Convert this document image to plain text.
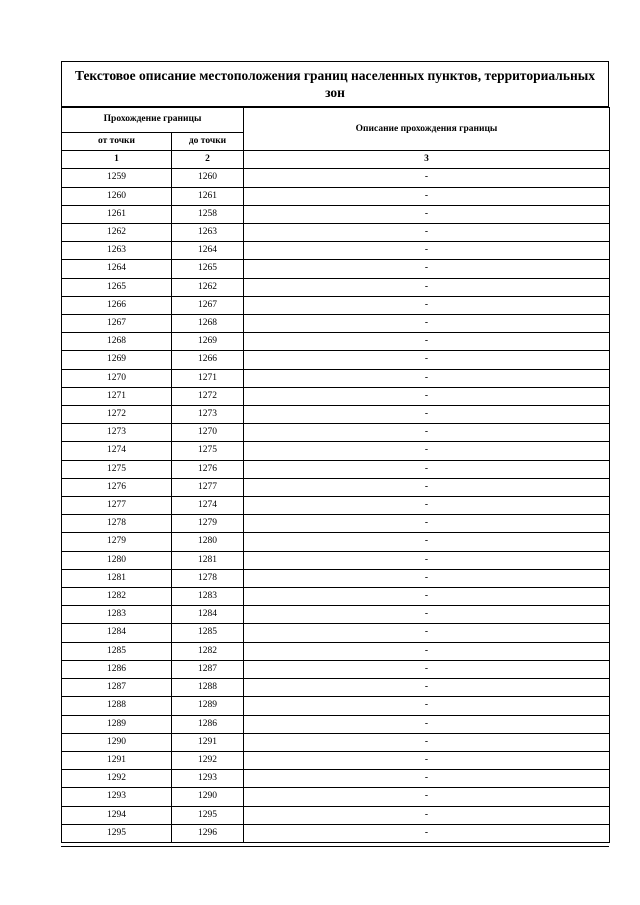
Текстовое описание местоположения границ населенных пунктов, территориальных зон
Прохождение границы		Описание прохождения границы
от точки	до точки	
1	2	3
1259	1260	-
1260	1261	-
1261	1258	-
1262	1263	-
1263	1264	-
1264	1265	-
1265	1262	-
1266	1267	-
1267	1268	-
1268	1269	-
1269	1266	-
1270	1271	-
1271	1272	-
1272	1273	-
1273	1270	-
1274	1275	-
1275	1276	-
1276	1277	-
1277	1274	-
1278	1279	-
1279	1280	-
1280	1281	-
1281	1278	-
1282	1283	-
1283	1284	-
1284	1285	-
1285	1282	-
1286	1287	-
1287	1288	-
1288	1289	-
1289	1286	-
1290	1291	-
1291	1292	-
1292	1293	-
1293	1290	-
1294	1295	-
1295	1296	-
